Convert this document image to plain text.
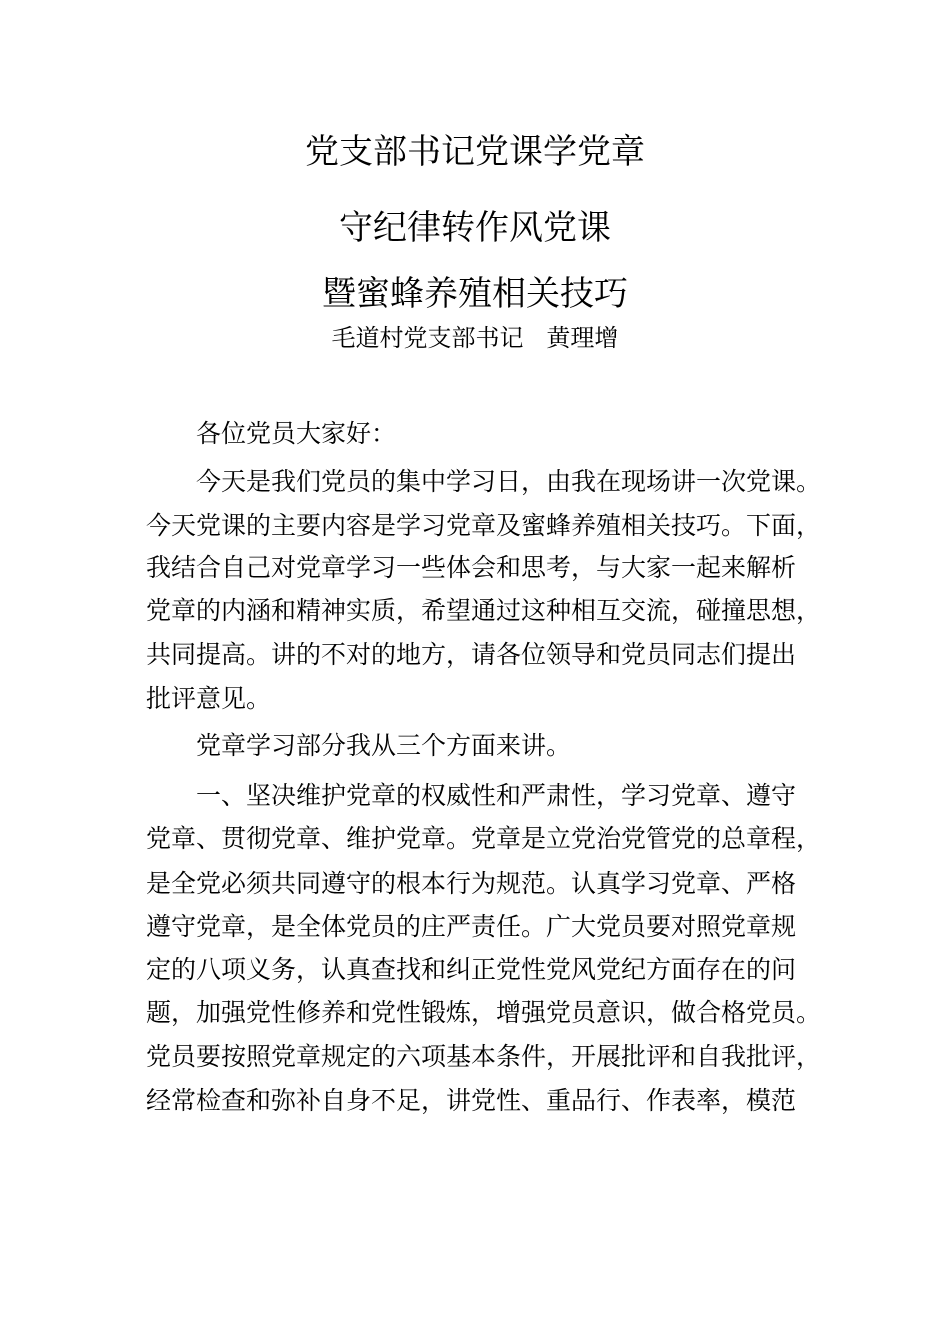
党支部书记党课学党章
守纪律转作风党课
暨蜜蜂养殖相关技巧
毛道村党支部书记   黄理增
各位党员大家好：
今天是我们党员的集中学习日，由我在现场讲一次党课。
今天党课的主要内容是学习党章及蜜蜂养殖相关技巧。下面，
我结合自己对党章学习一些体会和思考，与大家一起来解析
党章的内涵和精神实质，希望通过这种相互交流，碰撞思想，
共同提高。讲的不对的地方，请各位领导和党员同志们提出
批评意见。
党章学习部分我从三个方面来讲。
一、坚决维护党章的权威性和严肃性，学习党章、遵守
党章、贯彻党章、维护党章。党章是立党治党管党的总章程，
是全党必须共同遵守的根本行为规范。认真学习党章、严格
遵守党章，是全体党员的庄严责任。广大党员要对照党章规
定的八项义务，认真查找和纠正党性党风党纪方面存在的问
题，加强党性修养和党性锻炼，增强党员意识，做合格党员。
党员要按照党章规定的六项基本条件，开展批评和自我批评，
经常检查和弥补自身不足，讲党性、重品行、作表率，模范
